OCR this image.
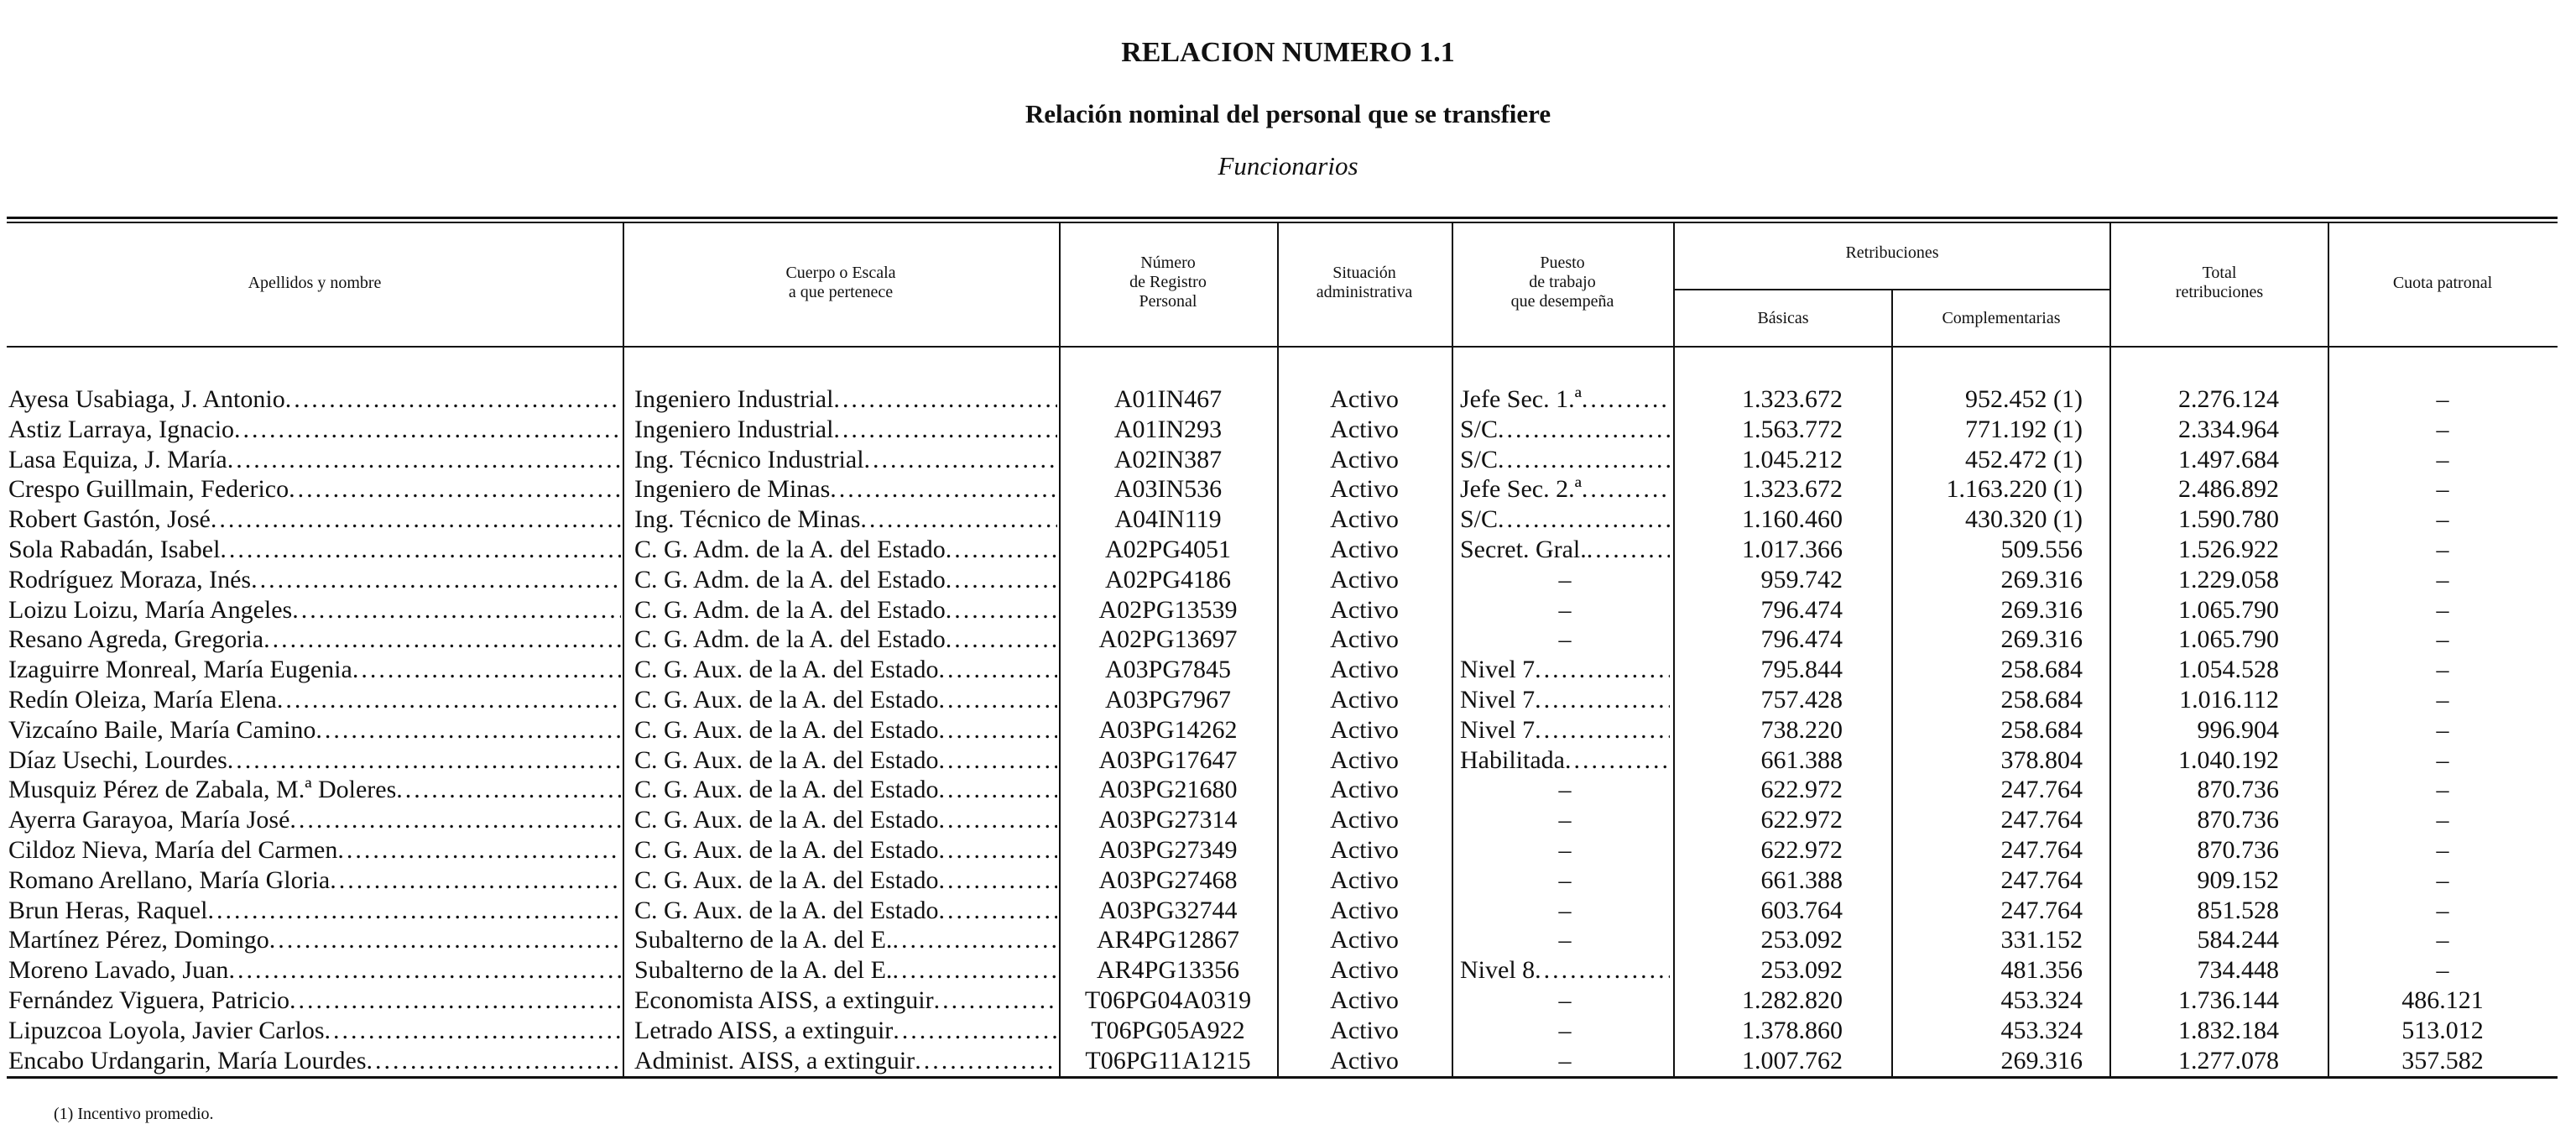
RELACION NUMERO 1.1
Relación nominal del personal que se transfiere
Funcionarios
Apellidos y nombre
Cuerpo o Escala
a que pertenece
Número
de Registro
Personal
Situación
administrativa
Puesto
de trabajo
que desempeña
Retribuciones
Básicas	Complementarias
Total
retribuciones	Cuota patronal
Ayesa Usabiaga, J. Antonio
.....
Astiz Larraya, Ignacio
.....
Lasa Equiza, J. María
.....
Crespo Guillmain, Federico
.....
Robert Gastón, José
.....
Sola Rabadán, Isabel
.....
Rodríguez Moraza, Inés
.....
Loizu Loizu, María Angeles
.....
Resano Agreda, Gregoria
.....
Izaguirre Monreal, María Eugenia
.....
Redín Oleiza, María Elena
.....
Vizcaíno Baile, María Camino
.....
Díaz Usechi, Lourdes
.....
Musquiz Pérez de Zabala, M.ª Doleres
.....
Ayerra Garayoa, María José
.....
Cildoz Nieva, María del Carmen
.....
Romano Arellano, María Gloria
.....
Brun Heras, Raquel
.....
Martínez Pérez, Domingo
.....
Moreno Lavado, Juan
.....
Fernández Viguera, Patricio
.....
Lipuzcoa Loyola, Javier Carlos
.....
Encabo Urdangarin, María Lourdes
.....
Ingeniero Industrial
.....
Ingeniero Industrial
.....
Ing. Técnico Industrial
.....
Ingeniero de Minas
.....
Ing. Técnico de Minas
.....
C. G. Adm. de la A. del Estado
.....
C. G. Adm. de la A. del Estado
.....
C. G. Adm. de la A. del Estado
.....
C. G. Adm. de la A. del Estado
.....
C. G. Aux. de la A. del Estado
.....
C. G. Aux. de la A. del Estado
.....
C. G. Aux. de la A. del Estado
.....
C. G. Aux. de la A. del Estado
.....
C. G. Aux. de la A. del Estado
.....
C. G. Aux. de la A. del Estado
.....
C. G. Aux. de la A. del Estado
.....
C. G. Aux. de la A. del Estado
.....
C. G. Aux. de la A. del Estado
.....
Subalterno de la A. del E.
.....
Subalterno de la A. del E.
.....
Economista AISS, a extinguir
.....
Letrado AISS, a extinguir
.....
Administ. AISS, a extinguir
.....
A01IN467
A01IN293
A02IN387
A03IN536
A04IN119
A02PG4051
A02PG4186
A02PG13539
A02PG13697
A03PG7845
A03PG7967
A03PG14262
A03PG17647
A03PG21680
A03PG27314
A03PG27349
A03PG27468
A03PG32744
AR4PG12867
AR4PG13356
T06PG04A0319
T06PG05A922
T06PG11A1215
Activo
Activo
Activo
Activo
Activo
Activo
Activo
Activo
Activo
Activo
Activo
Activo
Activo
Activo
Activo
Activo
Activo
Activo
Activo
Activo
Activo
Activo
Activo
Jefe Sec. 1.ª
.....
S/C
.....
S/C
.....
Jefe Sec. 2.ª
.....
S/C
.....
Secret. Gral.
.....
–
–
–
Nivel 7
.....
Nivel 7
.....
Nivel 7
.....
Habilitada
.....
–
–
–
–
–
–
Nivel 8
.....
–
–
–
1.323.672
1.563.772
1.045.212
1.323.672
1.160.460
1.017.366
959.742
796.474
796.474
795.844
757.428
738.220
661.388
622.972
622.972
622.972
661.388
603.764
253.092
253.092
1.282.820
1.378.860
1.007.762
952.452 (1)
771.192 (1)
452.472 (1)
1.163.220 (1)
430.320 (1)
509.556
269.316
269.316
269.316
258.684
258.684
258.684
378.804
247.764
247.764
247.764
247.764
247.764
331.152
481.356
453.324
453.324
269.316
2.276.124
2.334.964
1.497.684
2.486.892
1.590.780
1.526.922
1.229.058
1.065.790
1.065.790
1.054.528
1.016.112
996.904
1.040.192
870.736
870.736
870.736
909.152
851.528
584.244
734.448
1.736.144
1.832.184
1.277.078
–
–
–
–
–
–
–
–
–
–
–
–
–
–
–
–
–
–
–
–
486.121
513.012
357.582
(1) Incentivo promedio.
